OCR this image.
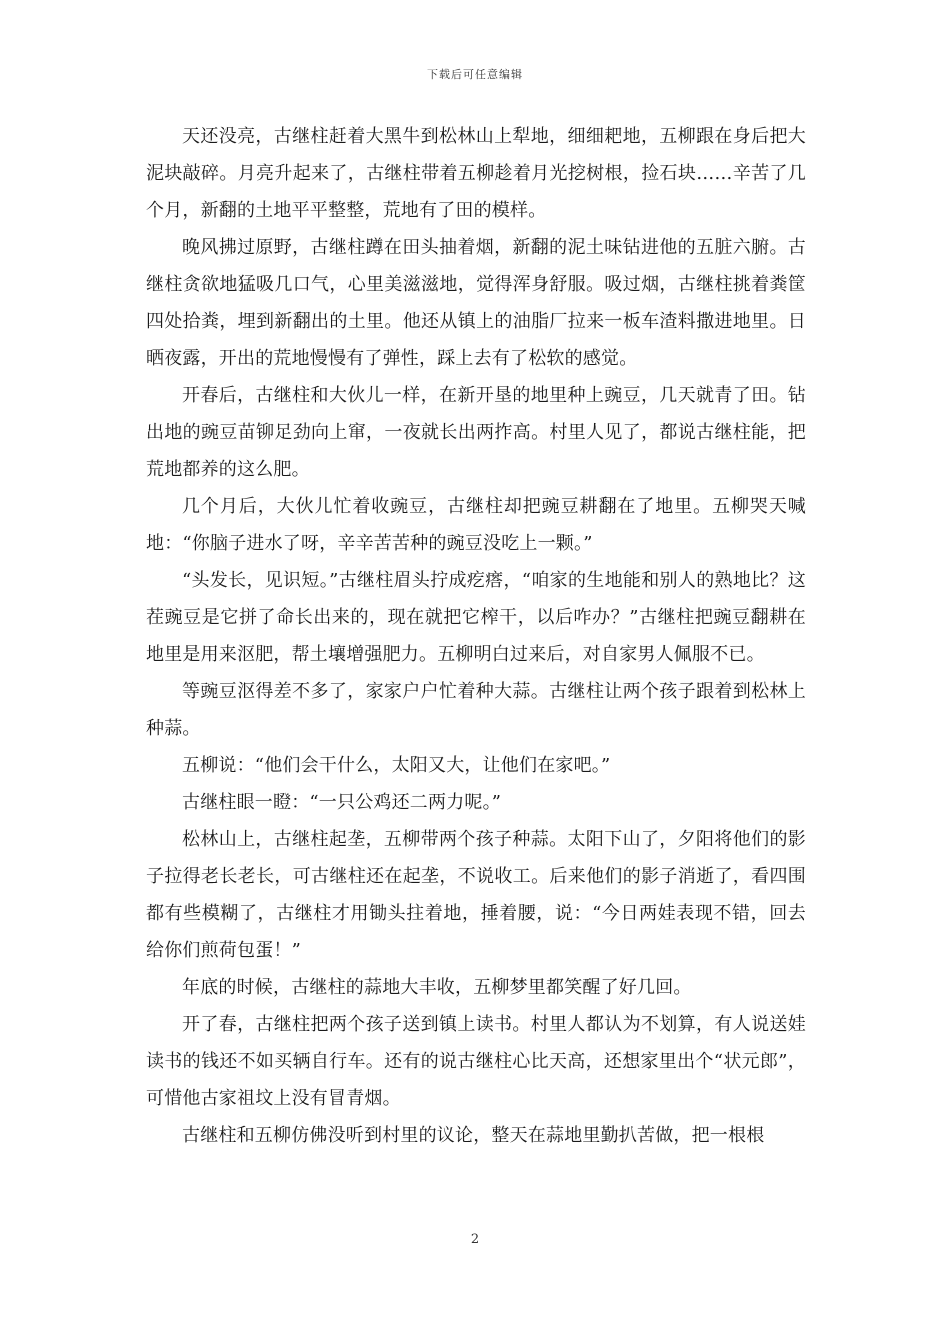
下载后可任意编辑

天还没亮，古继柱赶着大黑牛到松林山上犁地，细细耙地，五柳跟在身后把大泥块敲碎。月亮升起来了，古继柱带着五柳趁着月光挖树根，捡石块……辛苦了几个月，新翻的土地平平整整，荒地有了田的模样。

晚风拂过原野，古继柱蹲在田头抽着烟，新翻的泥土味钻进他的五脏六腑。古继柱贪欲地猛吸几口气，心里美滋滋地，觉得浑身舒服。吸过烟，古继柱挑着粪筐四处拾粪，埋到新翻出的土里。他还从镇上的油脂厂拉来一板车渣料撒进地里。日晒夜露，开出的荒地慢慢有了弹性，踩上去有了松软的感觉。

开春后，古继柱和大伙儿一样，在新开垦的地里种上豌豆，几天就青了田。钻出地的豌豆苗铆足劲向上窜，一夜就长出两拃高。村里人见了，都说古继柱能，把荒地都养的这么肥。

几个月后，大伙儿忙着收豌豆，古继柱却把豌豆耕翻在了地里。五柳哭天喊地：“你脑子进水了呀，辛辛苦苦种的豌豆没吃上一颗。”

“头发长，见识短。”古继柱眉头拧成疙瘩，“咱家的生地能和别人的熟地比？这茬豌豆是它拼了命长出来的，现在就把它榨干，以后咋办？”古继柱把豌豆翻耕在地里是用来沤肥，帮土壤增强肥力。五柳明白过来后，对自家男人佩服不已。

等豌豆沤得差不多了，家家户户忙着种大蒜。古继柱让两个孩子跟着到松林上种蒜。

五柳说：“他们会干什么，太阳又大，让他们在家吧。”

古继柱眼一瞪：“一只公鸡还二两力呢。”

松林山上，古继柱起垄，五柳带两个孩子种蒜。太阳下山了，夕阳将他们的影子拉得老长老长，可古继柱还在起垄，不说收工。后来他们的影子消逝了，看四围都有些模糊了，古继柱才用锄头拄着地，捶着腰，说：“今日两娃表现不错，回去给你们煎荷包蛋！”

年底的时候，古继柱的蒜地大丰收，五柳梦里都笑醒了好几回。

开了春，古继柱把两个孩子送到镇上读书。村里人都认为不划算，有人说送娃读书的钱还不如买辆自行车。还有的说古继柱心比天高，还想家里出个“状元郎”，可惜他古家祖坟上没有冒青烟。

古继柱和五柳仿佛没听到村里的议论，整天在蒜地里勤扒苦做，把一根根

2
